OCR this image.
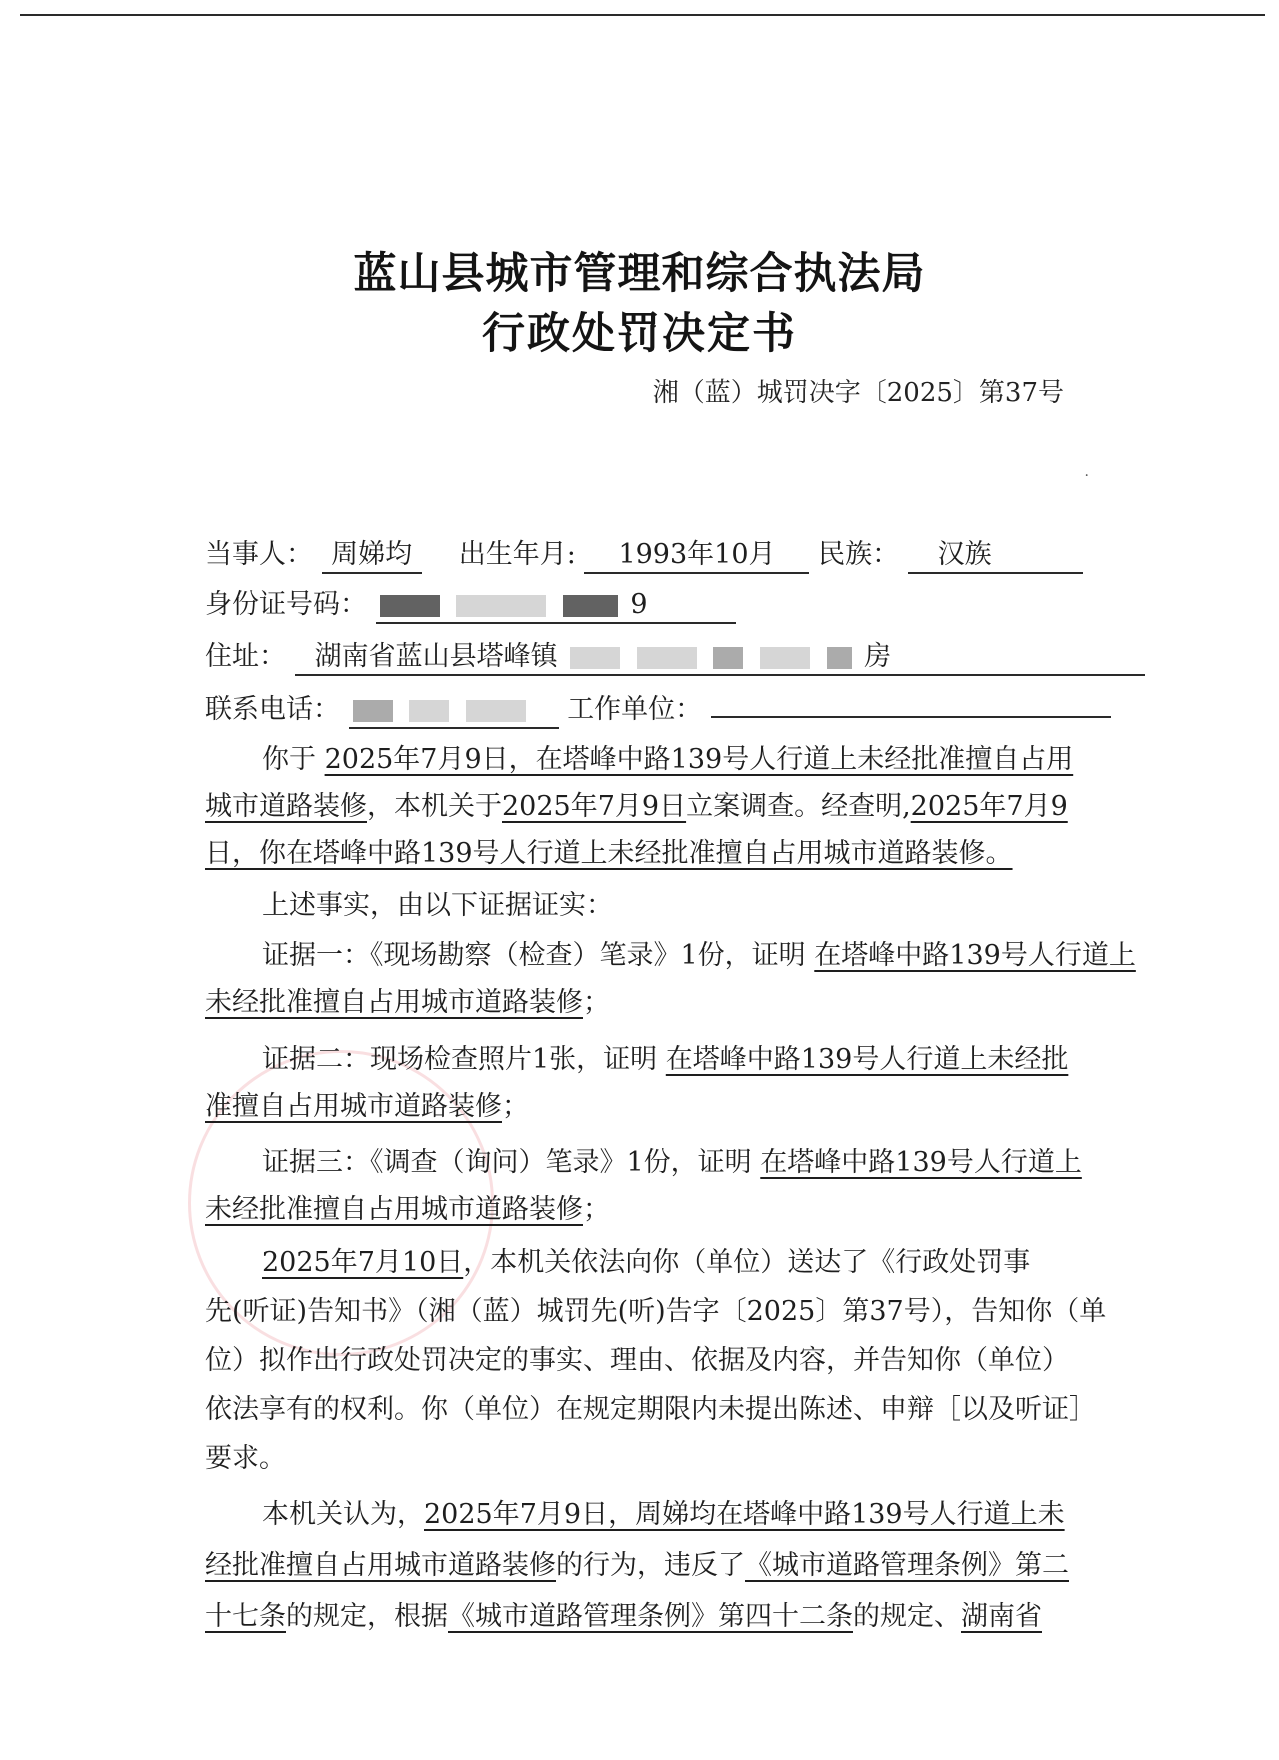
蓝山县城市管理和综合执法局
行政处罚决定书
湘（蓝）城罚决字〔2025〕第37号
·
当事人： 周娣均 出生年月: 1993年10月 民族： 汉族
身份证号码：	9
住址： 湖南省蓝山县塔峰镇	房
联系电话：	工作单位：
你于 2025年7月9日，在塔峰中路139号人行道上未经批准擅自占用
城市道路装修，本机关于2025年7月9日立案调查。经查明,2025年7月9
日，你在塔峰中路139号人行道上未经批准擅自占用城市道路装修。
上述事实，由以下证据证实：
证据一：《现场勘察（检查）笔录》1份，证明 在塔峰中路139号人行道上
未经批准擅自占用城市道路装修；
证据二：现场检查照片1张，证明 在塔峰中路139号人行道上未经批
准擅自占用城市道路装修；
证据三：《调查（询问）笔录》1份，证明 在塔峰中路139号人行道上
未经批准擅自占用城市道路装修；
2025年7月10日，本机关依法向你（单位）送达了《行政处罚事
先(听证)告知书》（湘（蓝）城罚先(听)告字〔2025〕第37号），告知你（单
位）拟作出行政处罚决定的事实、理由、依据及内容，并告知你（单位）
依法享有的权利。你（单位）在规定期限内未提出陈述、申辩［以及听证］
要求。
本机关认为，2025年7月9日，周娣均在塔峰中路139号人行道上未
经批准擅自占用城市道路装修的行为，违反了《城市道路管理条例》第二
十七条的规定，根据《城市道路管理条例》第四十二条的规定、湖南省
